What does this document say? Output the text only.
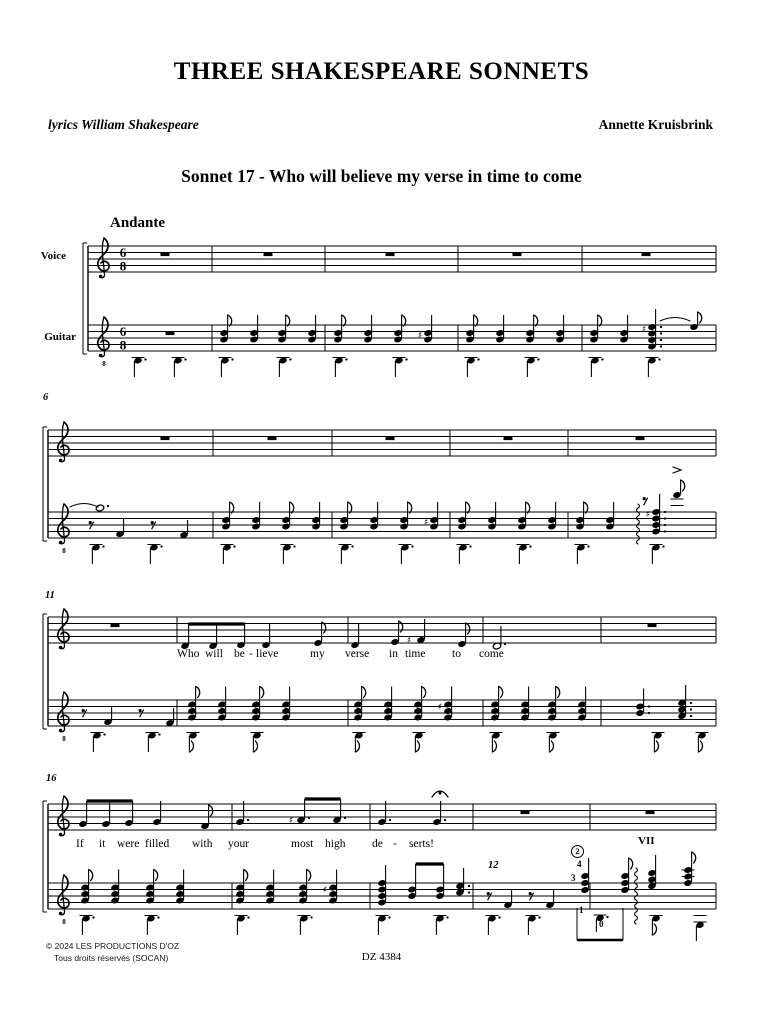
8
6
8
6
8
♯
♯
8
♯
♯
8
♯
♯
8
♯
♯
THREE SHAKESPEARE SONNETS
lyrics William Shakespeare	Annette Kruisbrink
Sonnet 17 - Who will believe my verse in time to come
Andante
Voice
Guitar
Who will be - lieve	my verse in time to come
If it were filled with your	most high de - serts!
6
11
16
12
VII
2
4
3
1
0
© 2024 LES PRODUCTIONS D'OZ
Tous droits réservés (SOCAN)	DZ 4384
